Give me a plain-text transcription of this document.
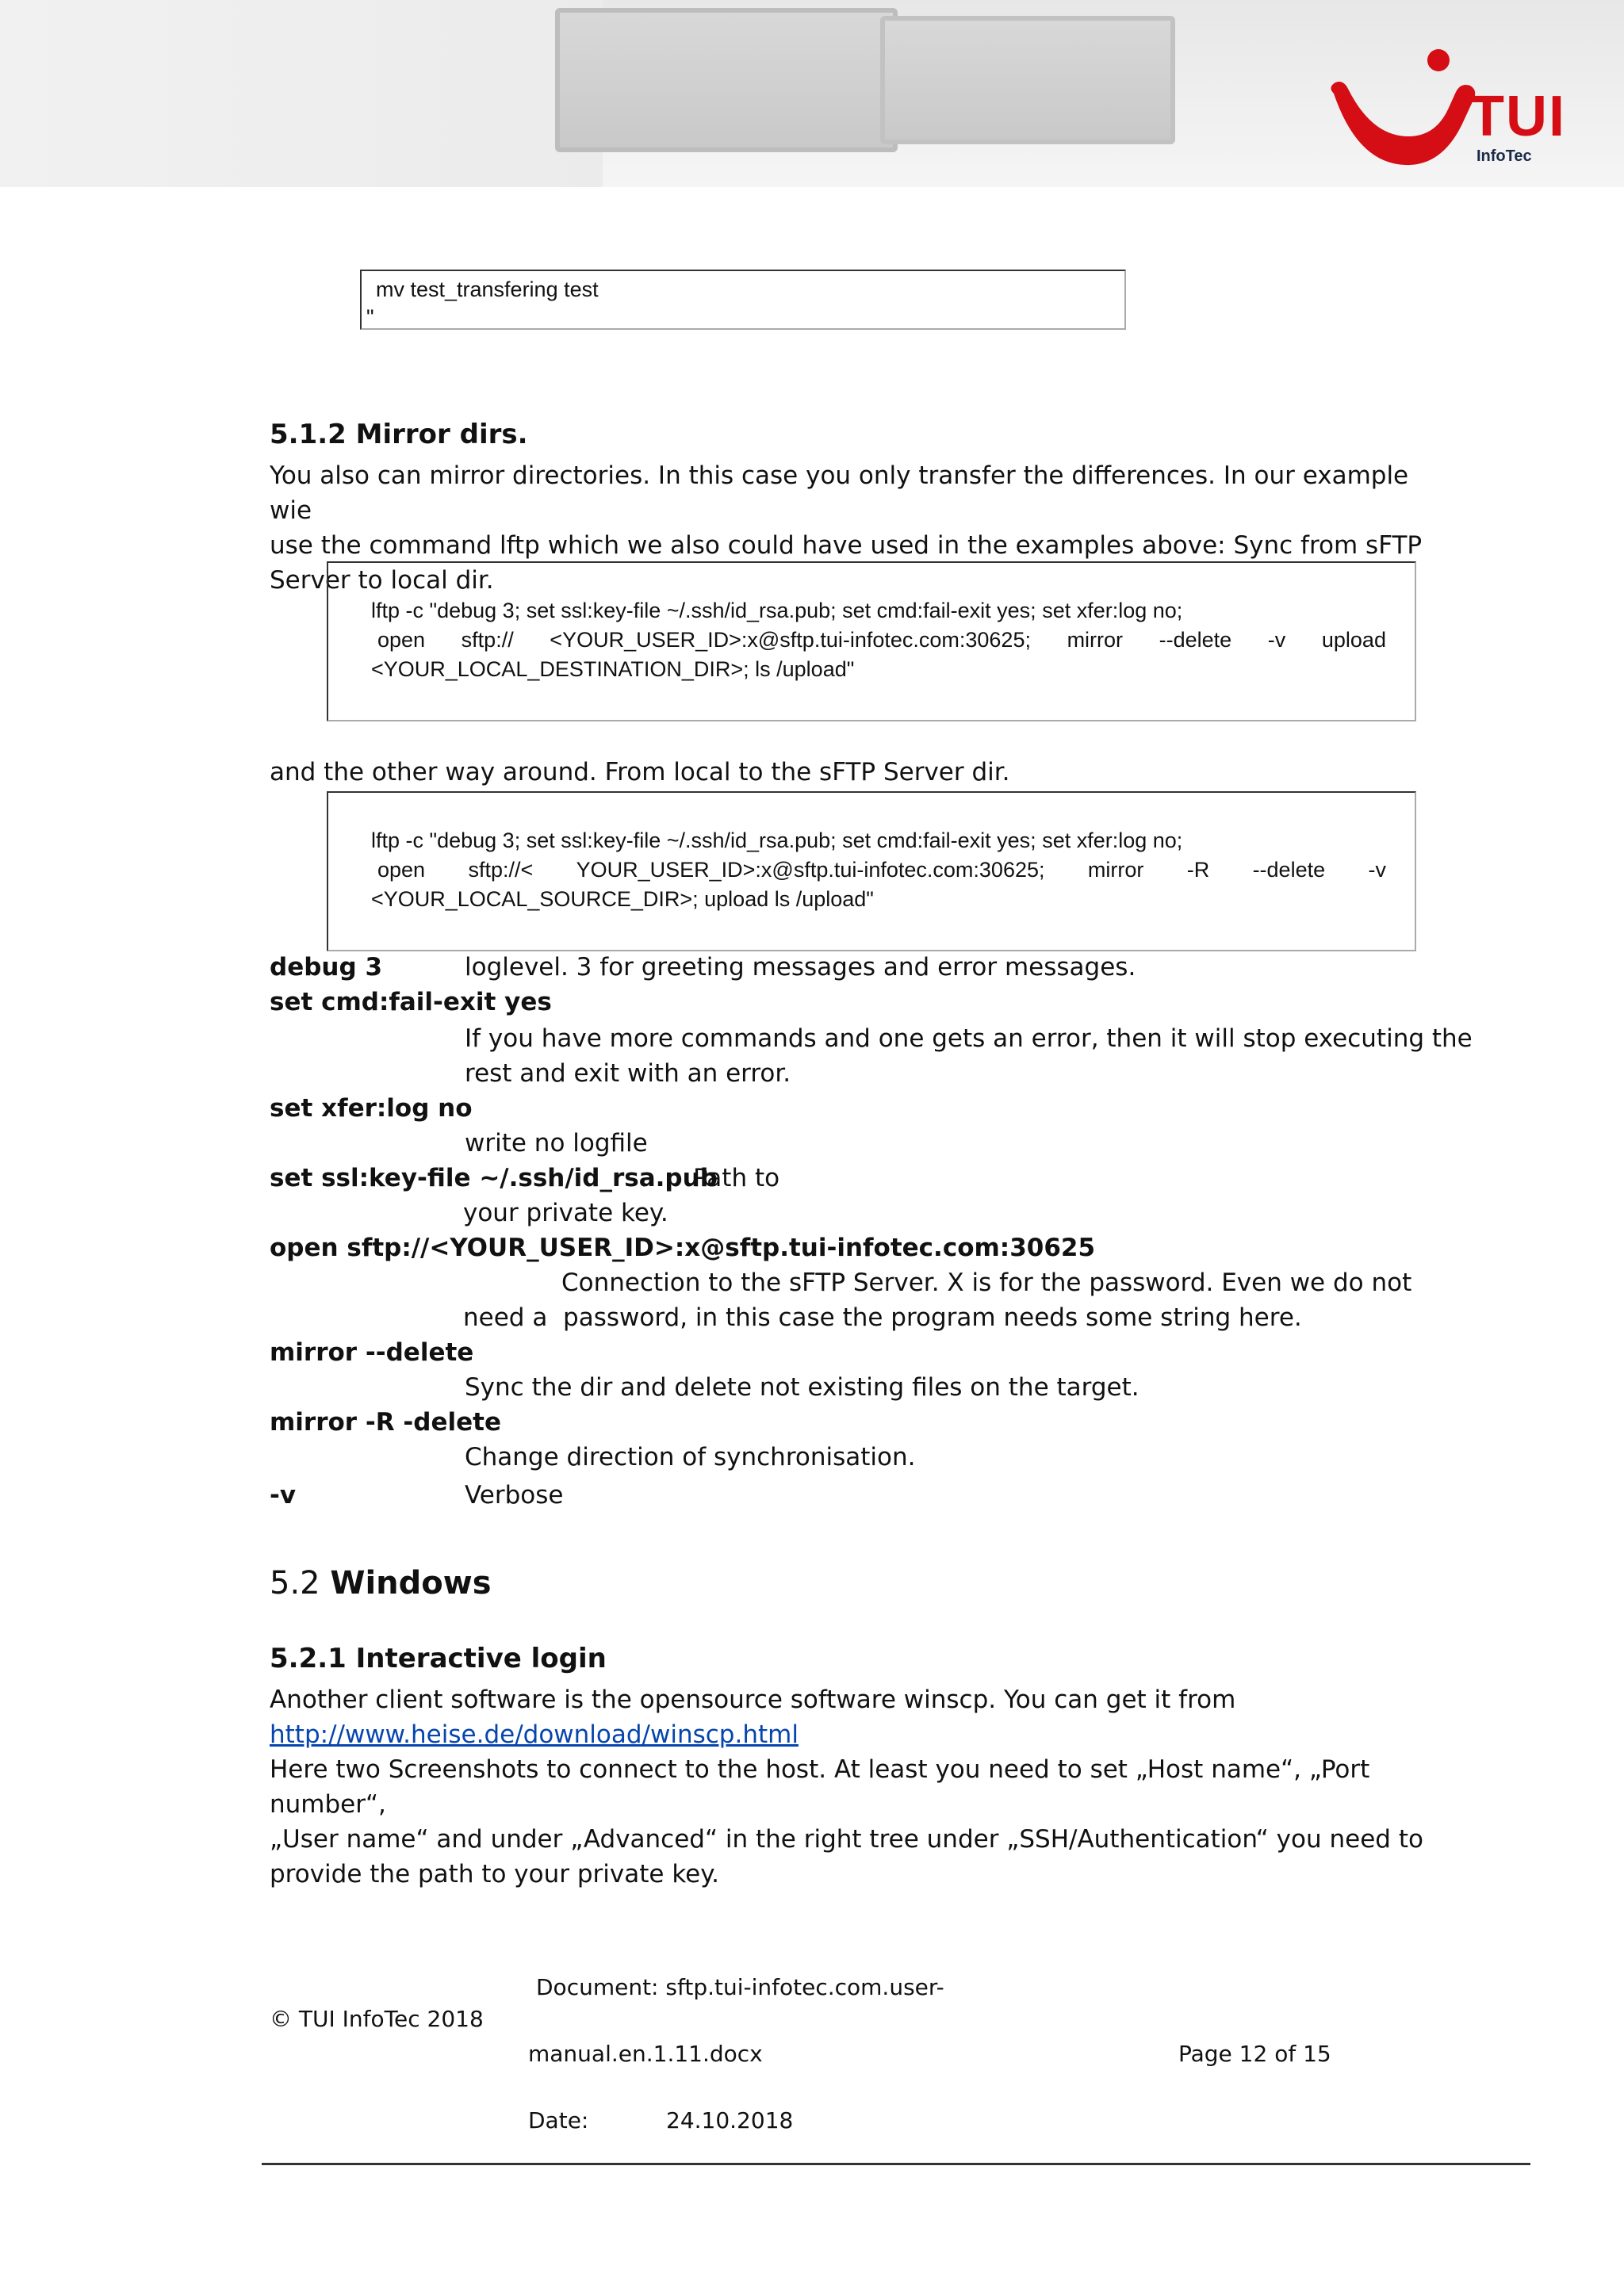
TUI
InfoTec
mv test_transfering test
"
5.1.2 Mirror dirs.
You also can mirror directories. In this case you only transfer the differences. In our example wie
use the command lftp which we also could have used in the examples above: Sync from sFTP
Server to local dir.
lftp -c "debug 3; set ssl:key-file ~/.ssh/id_rsa.pub; set cmd:fail-exit yes; set xfer:log no;
open sftp:// <YOUR_USER_ID>:x@sftp.tui-infotec.com:30625; mirror --delete -v upload
<YOUR_LOCAL_DESTINATION_DIR>; ls /upload"
and the other way around. From local to the sFTP Server dir.
lftp -c "debug 3; set ssl:key-file ~/.ssh/id_rsa.pub; set cmd:fail-exit yes; set xfer:log no;
open sftp://< YOUR_USER_ID>:x@sftp.tui-infotec.com:30625; mirror -R --delete -v
<YOUR_LOCAL_SOURCE_DIR>; upload ls /upload"
debug 3	loglevel. 3 for greeting messages and error messages.
set cmd:fail-exit yes
If you have more commands and one gets an error, then it will stop executing the
rest and exit with an error.
set xfer:log no
write no logfile
set ssl:key-file ~/.ssh/id_rsa.pub
Path to
your private key.
open sftp://<YOUR_USER_ID>:x@sftp.tui-infotec.com:30625
Connection to the sFTP Server. X is for the password. Even we do not
need a  password, in this case the program needs some string here.
mirror --delete
Sync the dir and delete not existing files on the target.
mirror -R -delete
Change direction of synchronisation.
-v	Verbose
5.2 Windows
5.2.1 Interactive login
Another client software is the opensource software winscp. You can get it from
http://www.heise.de/download/winscp.html
Here two Screenshots to connect to the host. At least you need to set „Host name“, „Port number“,
„User name“ and under „Advanced“ in the right tree under „SSH/Authentication“ you need to
provide the path to your private key.
© TUI InfoTec 2018
Document: sftp.tui-infotec.com.user-
manual.en.1.11.docx	Page 12 of 15
Date:	24.10.2018
